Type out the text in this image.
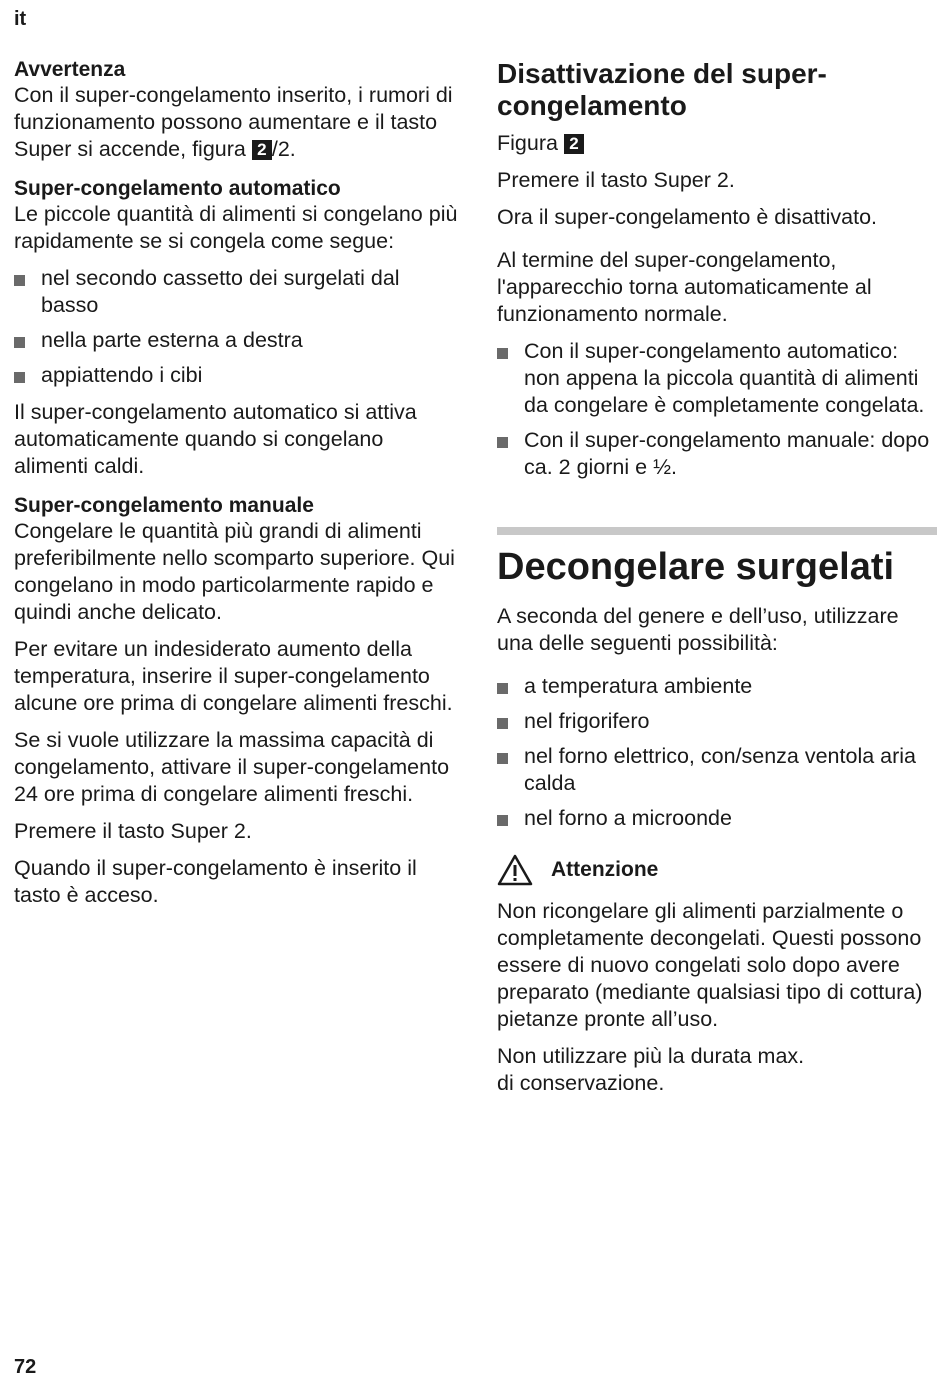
it
Avvertenza

Con il super-congelamento inserito, i rumori di funzionamento possono aumentare e il tasto Super si accende, figura 2 /2.

Super-congelamento automatico

Le piccole quantità di alimenti si congelano più rapidamente se si congela come segue:

nel secondo cassetto dei surgelati dal basso
nella parte esterna a destra
appiattendo i cibi

Il super-congelamento automatico si attiva automaticamente quando si congelano alimenti caldi.

Super-congelamento manuale

Congelare le quantità più grandi di alimenti preferibilmente nello scomparto superiore. Qui congelano in modo particolarmente rapido e quindi anche delicato.

Per evitare un indesiderato aumento della temperatura, inserire il super-congelamento alcune ore prima di congelare alimenti freschi.

Se si vuole utilizzare la massima capacità di congelamento, attivare il super-congelamento 24 ore prima di congelare alimenti freschi.

Premere il tasto Super 2.

Quando il super-congelamento è inserito il tasto è acceso.

Disattivazione del super-
congelamento

Figura 2

Premere il tasto Super 2.

Ora il super-congelamento è disattivato.

Al termine del super-congelamento, l'apparecchio torna automaticamente al funzionamento normale.

Con il super-congelamento automatico: non appena la piccola quantità di alimenti da congelare è completamente congelata.
Con il super-congelamento manuale: dopo ca. 2 giorni e ½.
Decongelare surgelati

A seconda del genere e dell’uso, utilizzare una delle seguenti possibilità:

a temperatura ambiente
nel frigorifero
nel forno elettrico, con/senza ventola aria calda
nel forno a microonde
Attenzione

Non ricongelare gli alimenti parzialmente o completamente decongelati. Questi possono essere di nuovo congelati solo dopo avere preparato (mediante qualsiasi tipo di cottura) pietanze pronte all’uso.

Non utilizzare più la durata max.
di conservazione.

72
